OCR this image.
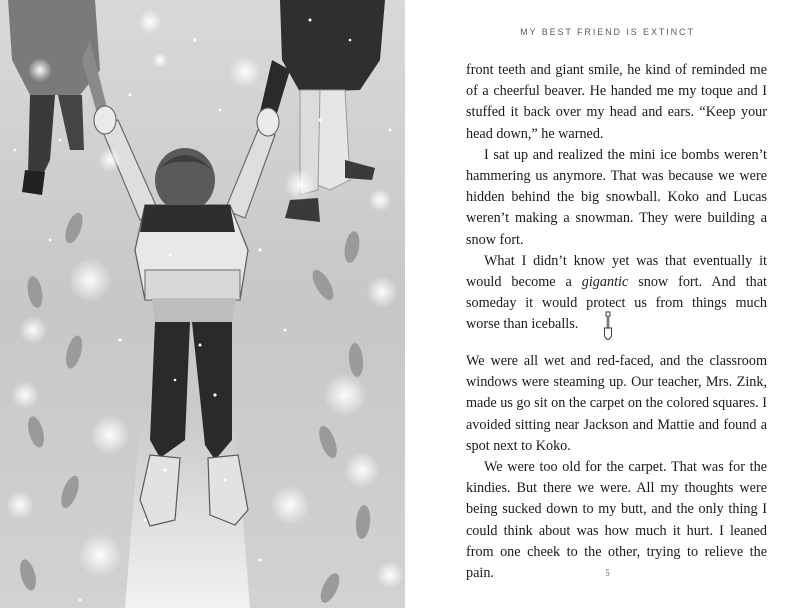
MY BEST FRIEND IS EXTINCT

front teeth and giant smile, he kind of reminded me of a cheerful beaver. He handed me my toque and I stuffed it back over my head and ears. “Keep your head down,” he warned.

I sat up and realized the mini ice bombs weren’t hammering us anymore. That was because we were hidden behind the big snowball. Koko and Lucas weren’t making a snowman. They were building a snow fort.

What I didn’t know yet was that eventually it would become a gigantic snow fort. And that someday it would protect us from things much worse than iceballs.

We were all wet and red-faced, and the classroom windows were steaming up. Our teacher, Mrs. Zink, made us go sit on the carpet on the colored squares. I avoided sitting near Jackson and Mattie and found a spot next to Koko.

We were too old for the carpet. That was for the kindies. But there we were. All my thoughts were being sucked down to my butt, and the only thing I could think about was how much it hurt. I leaned from one cheek to the other, trying to relieve the pain.	5
